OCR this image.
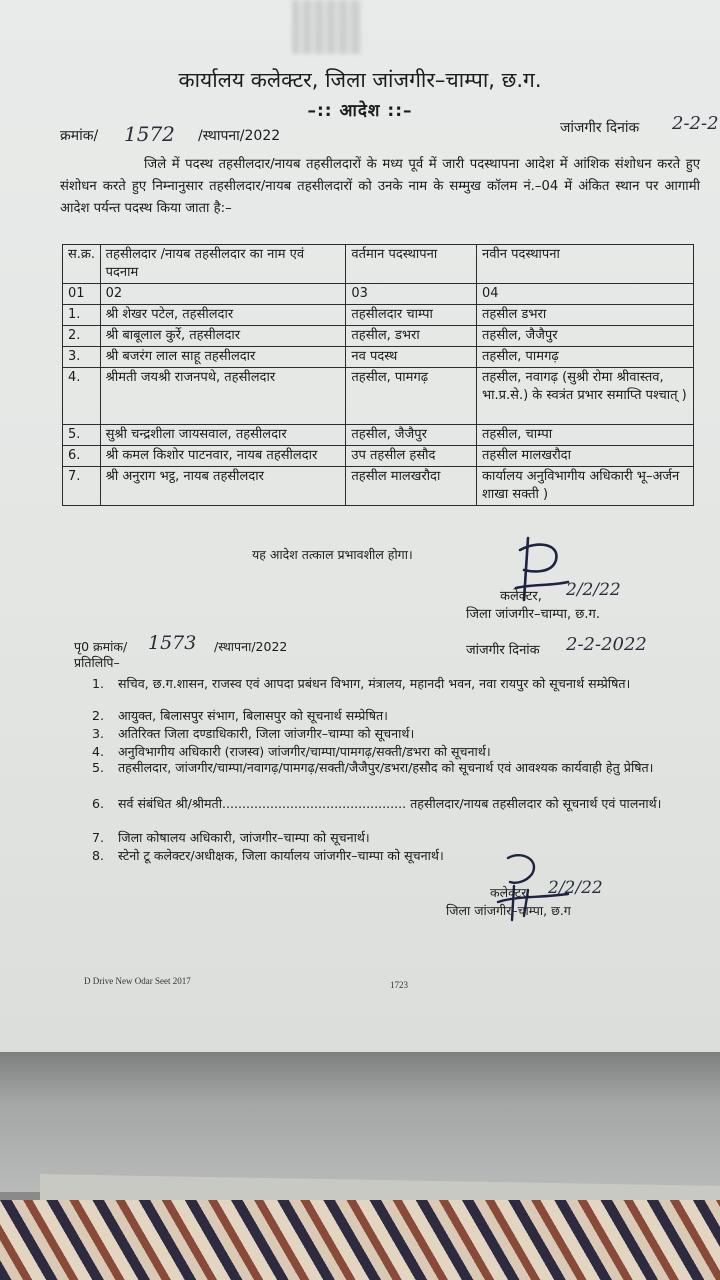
कार्यालय कलेक्टर, जिला जांजगीर–चाम्पा, छ.ग.
–:: आदेश ::–
क्रमांक/ 1572 /स्थापना/2022	जांजगीर दिनांक 2-2-2
जिले में पदस्थ तहसीलदार/नायब तहसीलदारों के मध्य पूर्व में जारी पदस्थापना आदेश में आंशिक संशोधन करते हुए संशोधन करते हुए निम्नानुसार तहसीलदार/नायब तहसीलदारों को उनके नाम के सम्मुख कॉलम नं.–04 में अंकित स्थान पर आगामी आदेश पर्यन्त पदस्थ किया जाता है:–
स.क्र.	तहसीलदार /नायब तहसीलदार का नाम एवं पदनाम	वर्तमान पदस्थापना	नवीन पदस्थापना
01	02	03	04
1.	श्री शेखर पटेल, तहसीलदार	तहसीलदार चाम्पा	तहसील डभरा
2.	श्री बाबूलाल कुर्रे, तहसीलदार	तहसील, डभरा	तहसील, जैजैपुर
3.	श्री बजरंग लाल साहू तहसीलदार	नव पदस्थ	तहसील, पामगढ़
4.	श्रीमती जयश्री राजनपथे, तहसीलदार	तहसील, पामगढ़	तहसील, नवागढ़ (सुश्री रोमा श्रीवास्तव, भा.प्र.से.) के स्वत्रंत प्रभार समाप्ति पश्चात् )
5.	सुश्री चन्द्रशीला जायसवाल, तहसीलदार	तहसील, जैजैपुर	तहसील, चाम्पा
6.	श्री कमल किशोर पाटनवार, नायब तहसीलदार	उप तहसील हसौद	तहसील मालखरौदा
7.	श्री अनुराग भट्ठ, नायब तहसीलदार	तहसील मालखरौदा	कार्यालय अनुविभागीय अधिकारी भू–अर्जन शाखा सक्ती )
यह आदेश तत्काल प्रभावशील होगा।
कलेक्टर, 2/2/22
जिला जांजगीर–चाम्पा, छ.ग.
पृ0 क्रमांक/ 1573 /स्थापना/2022	जांजगीर दिनांक 2-2-2022
प्रतिलिपि–
1. सचिव, छ.ग.शासन, राजस्व एवं आपदा प्रबंधन विभाग, मंत्रालय, महानदी भवन, नवा रायपुर को सूचनार्थ सम्प्रेषित।
2. आयुक्त, बिलासपुर संभाग, बिलासपुर को सूचनार्थ सम्प्रेषित।
3. अतिरिक्त जिला दण्डाधिकारी, जिला जांजगीर–चाम्पा को सूचनार्थ।
4. अनुविभागीय अधिकारी (राजस्व) जांजगीर/चाम्पा/पामगढ़/सक्ती/डभरा को सूचनार्थ।
5. तहसीलदार, जांजगीर/चाम्पा/नवागढ़/पामगढ़/सक्ती/जैजैपुर/डभरा/हसौद को सूचनार्थ एवं आवश्यक कार्यवाही हेतु प्रेषित।
6. सर्व संबंधित श्री/श्रीमती.............................................. तहसीलदार/नायब तहसीलदार को सूचनार्थ एवं पालनार्थ।
7. जिला कोषालय अधिकारी, जांजगीर–चाम्पा को सूचनार्थ।
8. स्टेनो टू कलेक्टर/अधीक्षक, जिला कार्यालय जांजगीर–चाम्पा को सूचनार्थ।
कलेक्टर, 2/2/22
जिला जांजगीर–चाम्पा, छ.ग
D Drive New Odar Seet 2017	1723
